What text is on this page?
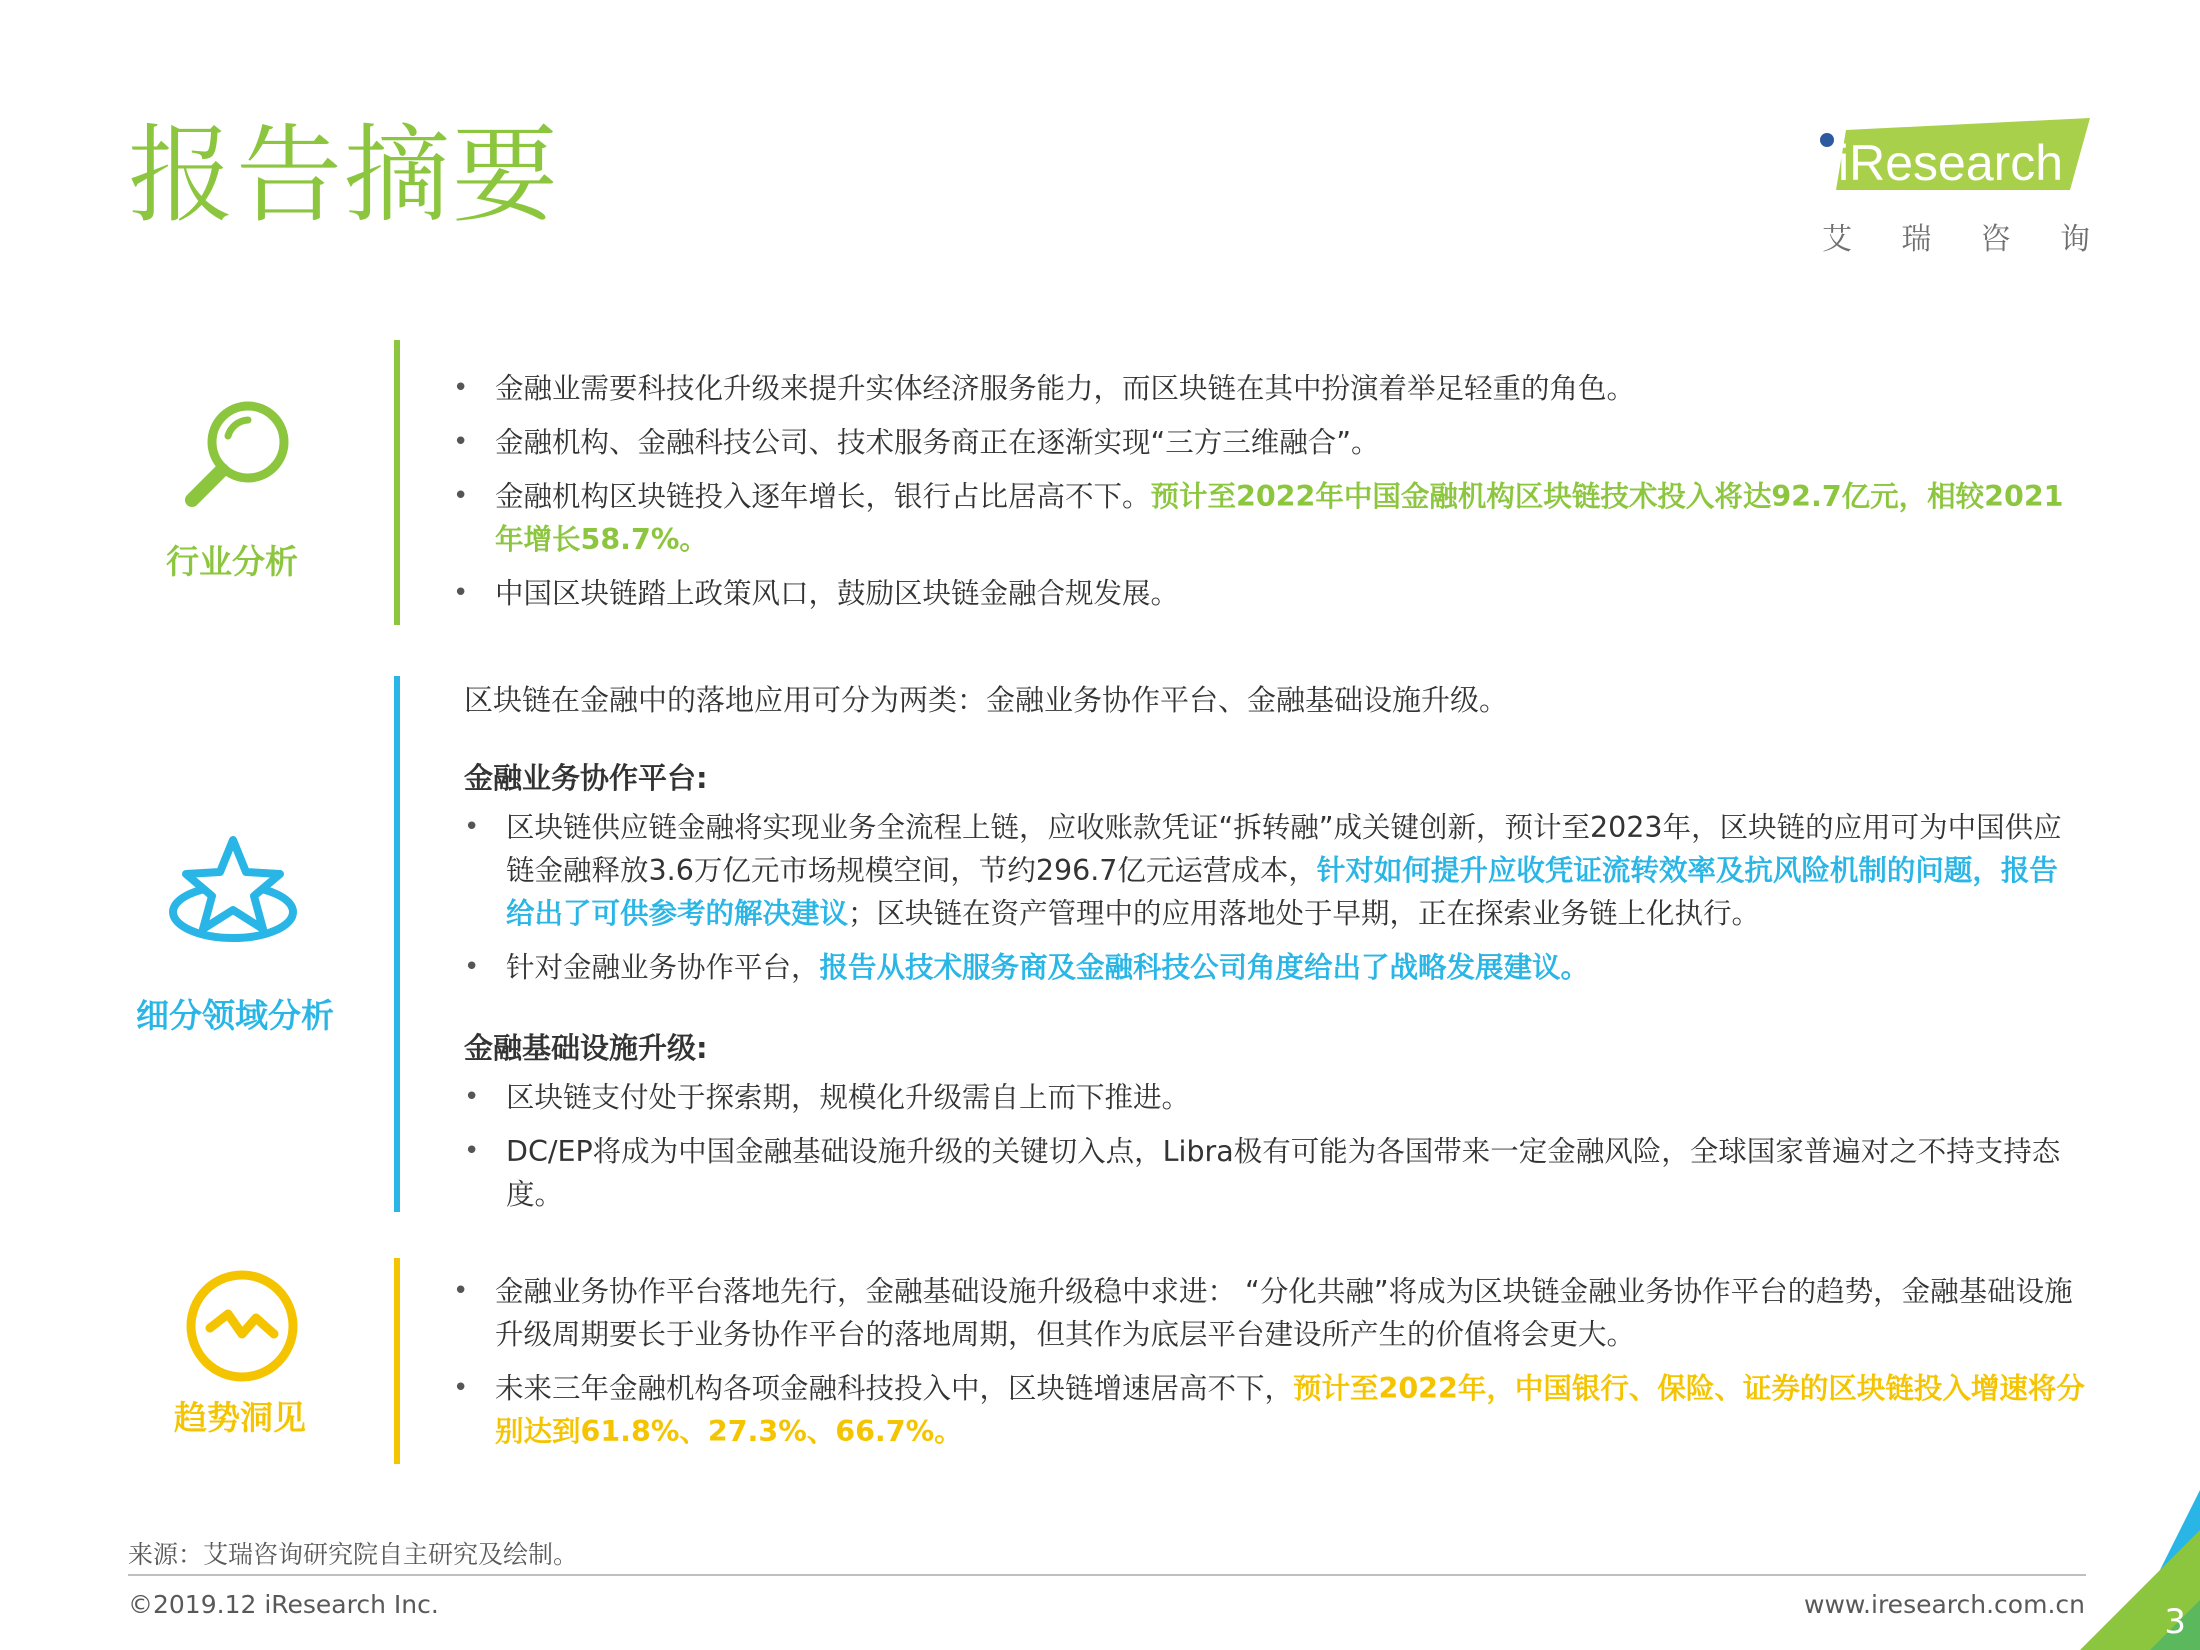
报告摘要	iResearch
艾 瑞 咨 询
行业分析
• 金融业需要科技化升级来提升实体经济服务能力，而区块链在其中扮演着举足轻重的角色。
• 金融机构、金融科技公司、技术服务商正在逐渐实现“三方三维融合”。
• 金融机构区块链投入逐年增长，银行占比居高不下。预计至2022年中国金融机构区块链技术投入将达92.7亿元，相较2021年增长58.7%。
• 中国区块链踏上政策风口，鼓励区块链金融合规发展。
细分领域分析
区块链在金融中的落地应用可分为两类：金融业务协作平台、金融基础设施升级。
金融业务协作平台:
• 区块链供应链金融将实现业务全流程上链，应收账款凭证“拆转融”成关键创新，预计至2023年，区块链的应用可为中国供应链金融释放3.6万亿元市场规模空间，节约296.7亿元运营成本，针对如何提升应收凭证流转效率及抗风险机制的问题，报告给出了可供参考的解决建议；区块链在资产管理中的应用落地处于早期，正在探索业务链上化执行。
• 针对金融业务协作平台，报告从技术服务商及金融科技公司角度给出了战略发展建议。
金融基础设施升级:
• 区块链支付处于探索期，规模化升级需自上而下推进。
• DC/EP将成为中国金融基础设施升级的关键切入点，Libra极有可能为各国带来一定金融风险，全球国家普遍对之不持支持态度。
趋势洞见
• 金融业务协作平台落地先行，金融基础设施升级稳中求进： “分化共融”将成为区块链金融业务协作平台的趋势，金融基础设施升级周期要长于业务协作平台的落地周期，但其作为底层平台建设所产生的价值将会更大。
• 未来三年金融机构各项金融科技投入中，区块链增速居高不下，预计至2022年，中国银行、保险、证券的区块链投入增速将分别达到61.8%、27.3%、66.7%。
来源：艾瑞咨询研究院自主研究及绘制。
©2019.12 iResearch Inc.	www.iresearch.com.cn 3
